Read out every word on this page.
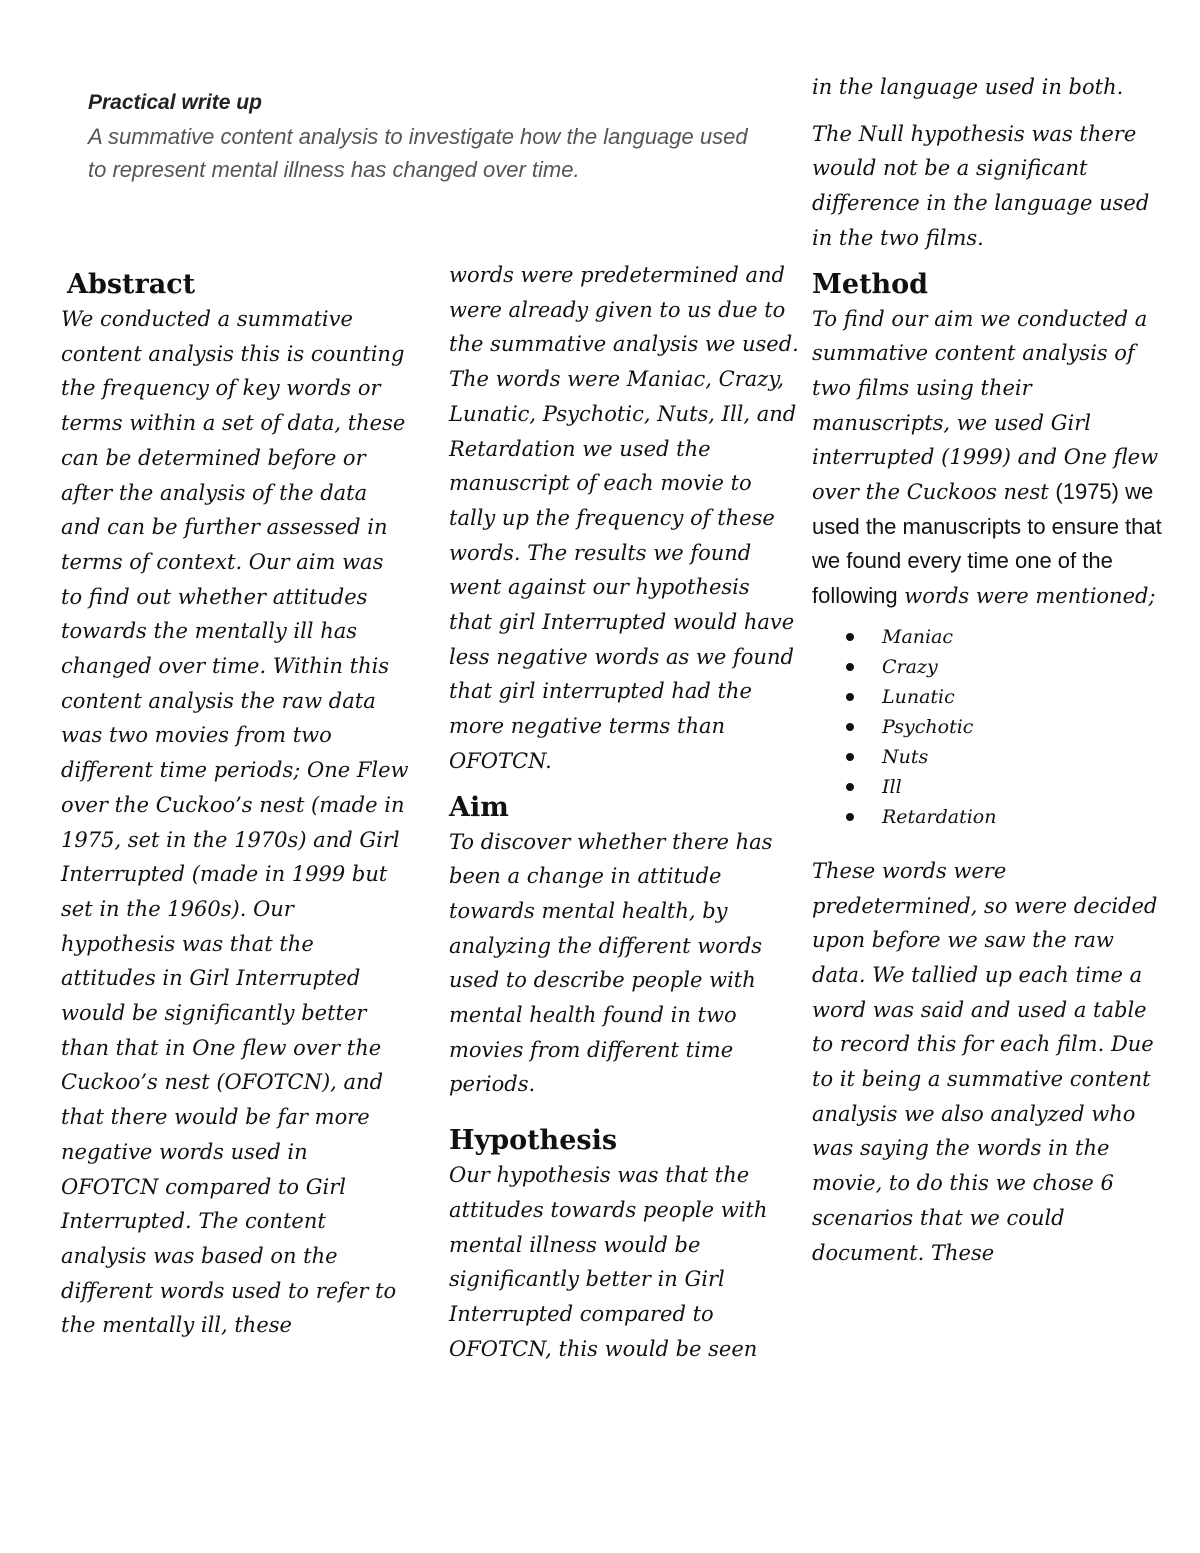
Practical write up

A summative content analysis to investigate how the language used to represent mental illness has changed over time.

Abstract

We conducted a summative content analysis this is counting the frequency of key words or terms within a set of data, these can be determined before or after the analysis of the data and can be further assessed in terms of context. Our aim was to find out whether attitudes towards the mentally ill has changed over time. Within this content analysis the raw data was two movies from two different time periods; One Flew over the Cuckoo’s nest (made in 1975, set in the 1970s) and Girl Interrupted (made in 1999 but set in the 1960s). Our hypothesis was that the attitudes in Girl Interrupted would be significantly better than that in One flew over the Cuckoo’s nest (OFOTCN), and that there would be far more negative words used in OFOTCN compared to Girl Interrupted. The content analysis was based on the different words used to refer to the mentally ill, these

words were predetermined and were already given to us due to the summative analysis we used. The words were Maniac, Crazy, Lunatic, Psychotic, Nuts, Ill, and Retardation we used the manuscript of each movie to tally up the frequency of these words. The results we found went against our hypothesis that girl Interrupted would have less negative words as we found that girl interrupted had the more negative terms than OFOTCN.

Aim

To discover whether there has been a change in attitude towards mental health, by analyzing the different words used to describe people with mental health found in two movies from different time periods.

Hypothesis

Our hypothesis was that the attitudes towards people with mental illness would be significantly better in Girl Interrupted compared to OFOTCN, this would be seen

in the language used in both.

The Null hypothesis was there would not be a significant difference in the language used in the two films.

Method

To find our aim we conducted a summative content analysis of two films using their manuscripts, we used Girl interrupted (1999) and One flew over the Cuckoos nest (1975) we used the manuscripts to ensure that we found every time one of the following words were mentioned;

Maniac
Crazy
Lunatic
Psychotic
Nuts
Ill
Retardation

These words were predetermined, so were decided upon before we saw the raw data. We tallied up each time a word was said and used a table to record this for each film. Due to it being a summative content analysis we also analyzed who was saying the words in the movie, to do this we chose 6 scenarios that we could document. These
